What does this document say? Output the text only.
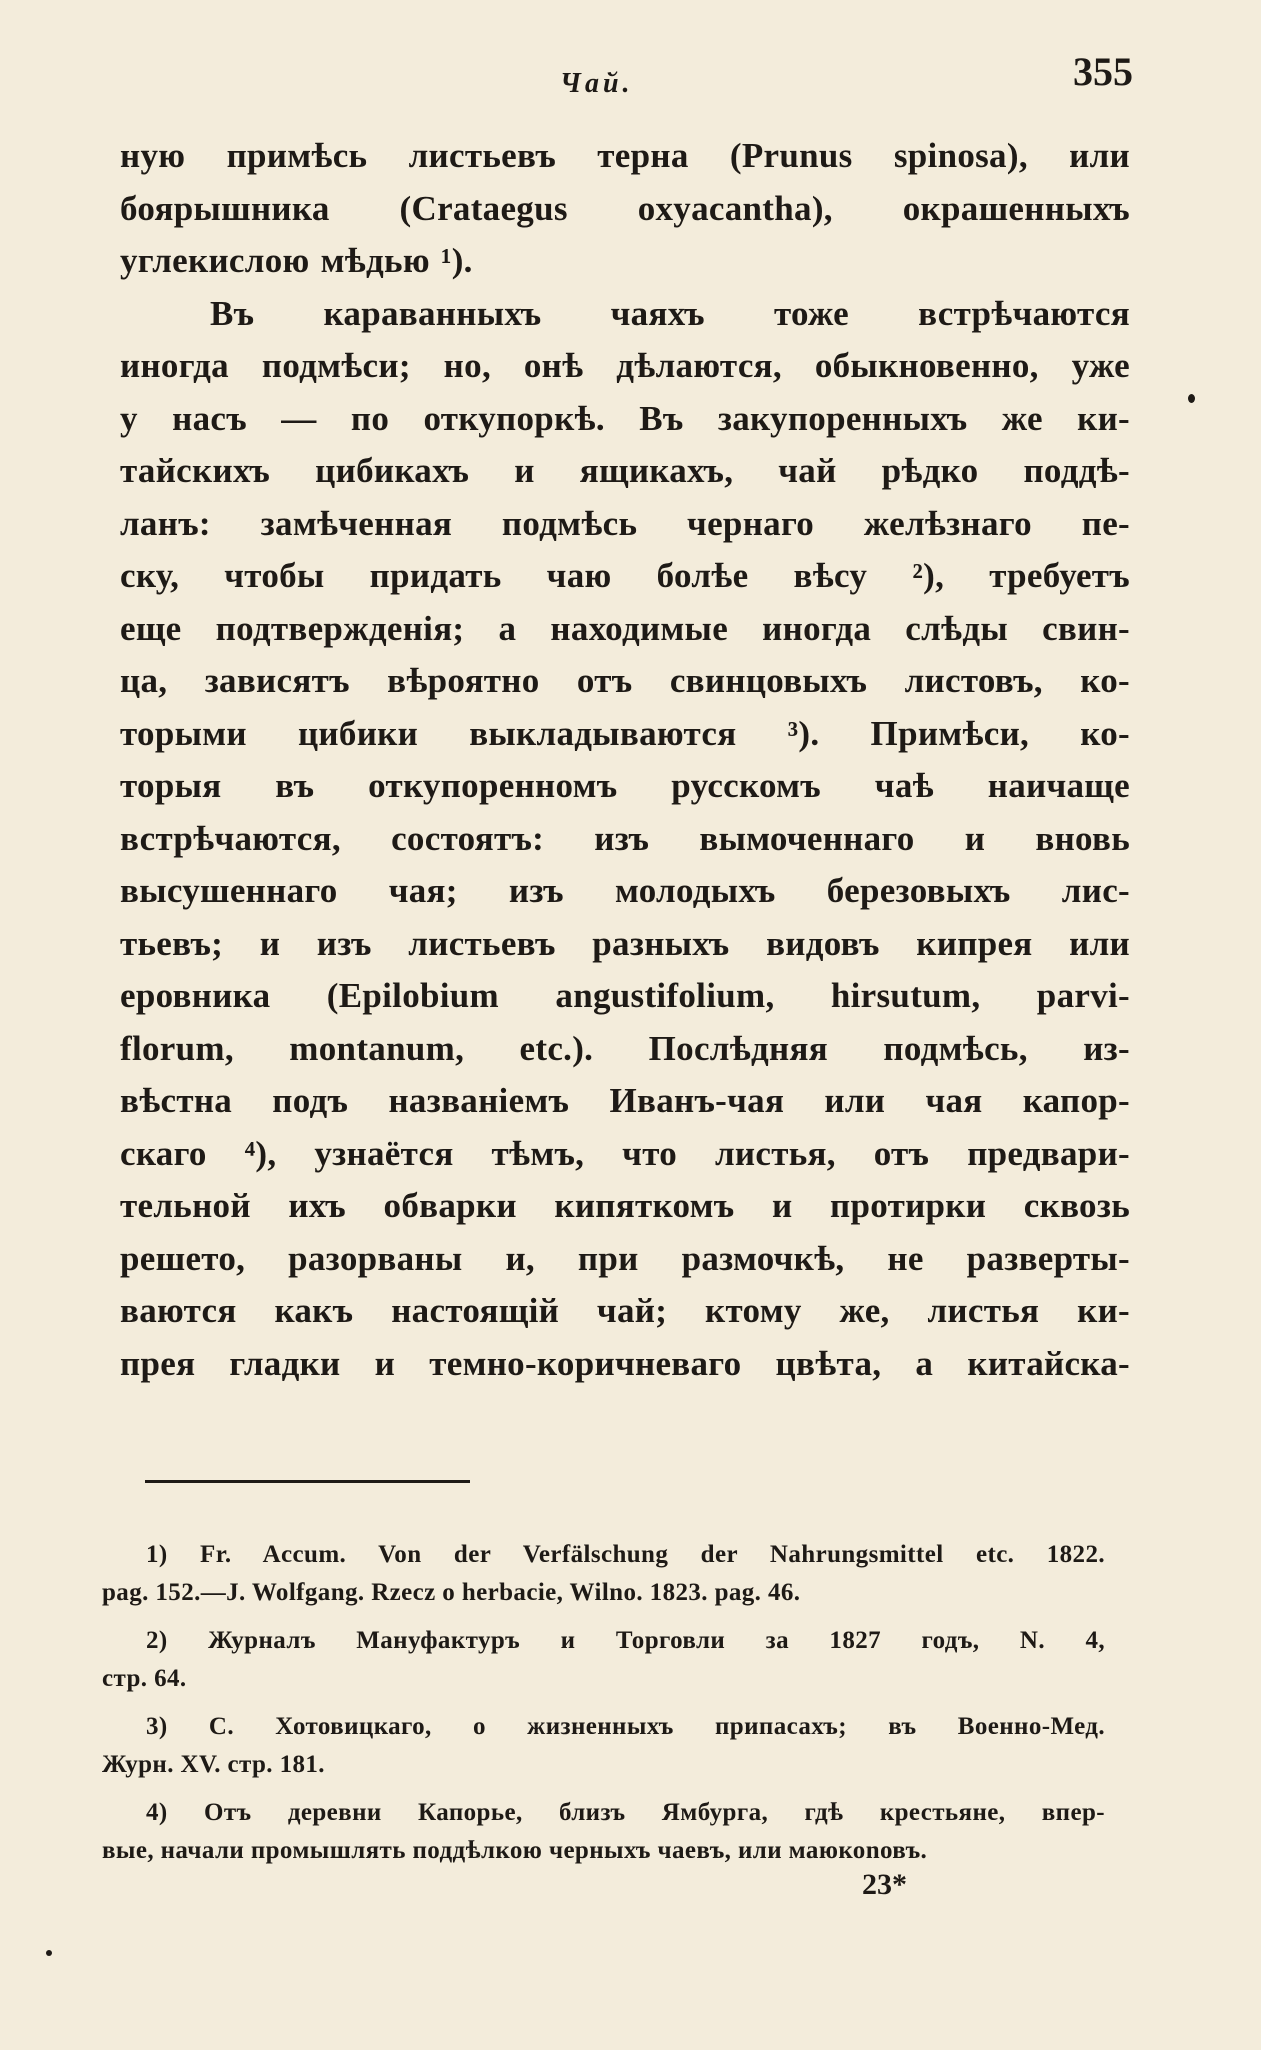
Чай.	355
ную примѣсь листьевъ терна (Prunus spinosa), или
боярышника (Crataegus oxyacantha), окрашенныхъ
углекислою мѣдью ¹).
Въ караванныхъ чаяхъ тоже встрѣчаются
иногда подмѣси; но, онѣ дѣлаются, обыкновенно, уже
у насъ — по откупоркѣ. Въ закупоренныхъ же ки-
тайскихъ цибикахъ и ящикахъ, чай рѣдко поддѣ-
ланъ: замѣченная подмѣсь чернаго желѣзнаго пе-
ску, чтобы придать чаю болѣе вѣсу ²), требуетъ
еще подтвержденія; а находимые иногда слѣды свин-
ца, зависятъ вѣроятно отъ свинцовыхъ листовъ, ко-
торыми цибики выкладываются ³). Примѣси, ко-
торыя въ откупоренномъ русскомъ чаѣ наичаще
встрѣчаются, состоятъ: изъ вымоченнаго и вновь
высушеннаго чая; изъ молодыхъ березовыхъ лис-
тьевъ; и изъ листьевъ разныхъ видовъ кипрея или
еровника (Epilobium angustifolium, hirsutum, parvi-
florum, montanum, etc.). Послѣдняя подмѣсь, из-
вѣстна подъ названіемъ Иванъ-чая или чая капор-
скаго ⁴), узнаётся тѣмъ, что листья, отъ предвари-
тельной ихъ обварки кипяткомъ и протирки сквозь
решето, разорваны и, при размочкѣ, не разверты-
ваются какъ настоящій чай; ктому же, листья ки-
прея гладки и темно-коричневаго цвѣта, а китайска-
1) Fr. Accum. Von der Verfälschung der Nahrungsmittel etc. 1822.
pag. 152.—J. Wolfgang. Rzecz o herbacie, Wilno. 1823. pag. 46.
2) Журналъ Мануфактуръ и Торговли за 1827 годъ, N. 4,
стр. 64.
3) С. Хотовицкаго, о жизненныхъ припасахъ; въ Военно-Мед.
Журн. XV. стр. 181.
4) Отъ деревни Капорье, близъ Ямбурга, гдѣ крестьяне, впер-
вые, начали промышлять поддѣлкою черныхъ чаевъ, или маюкоnовъ.
23*
